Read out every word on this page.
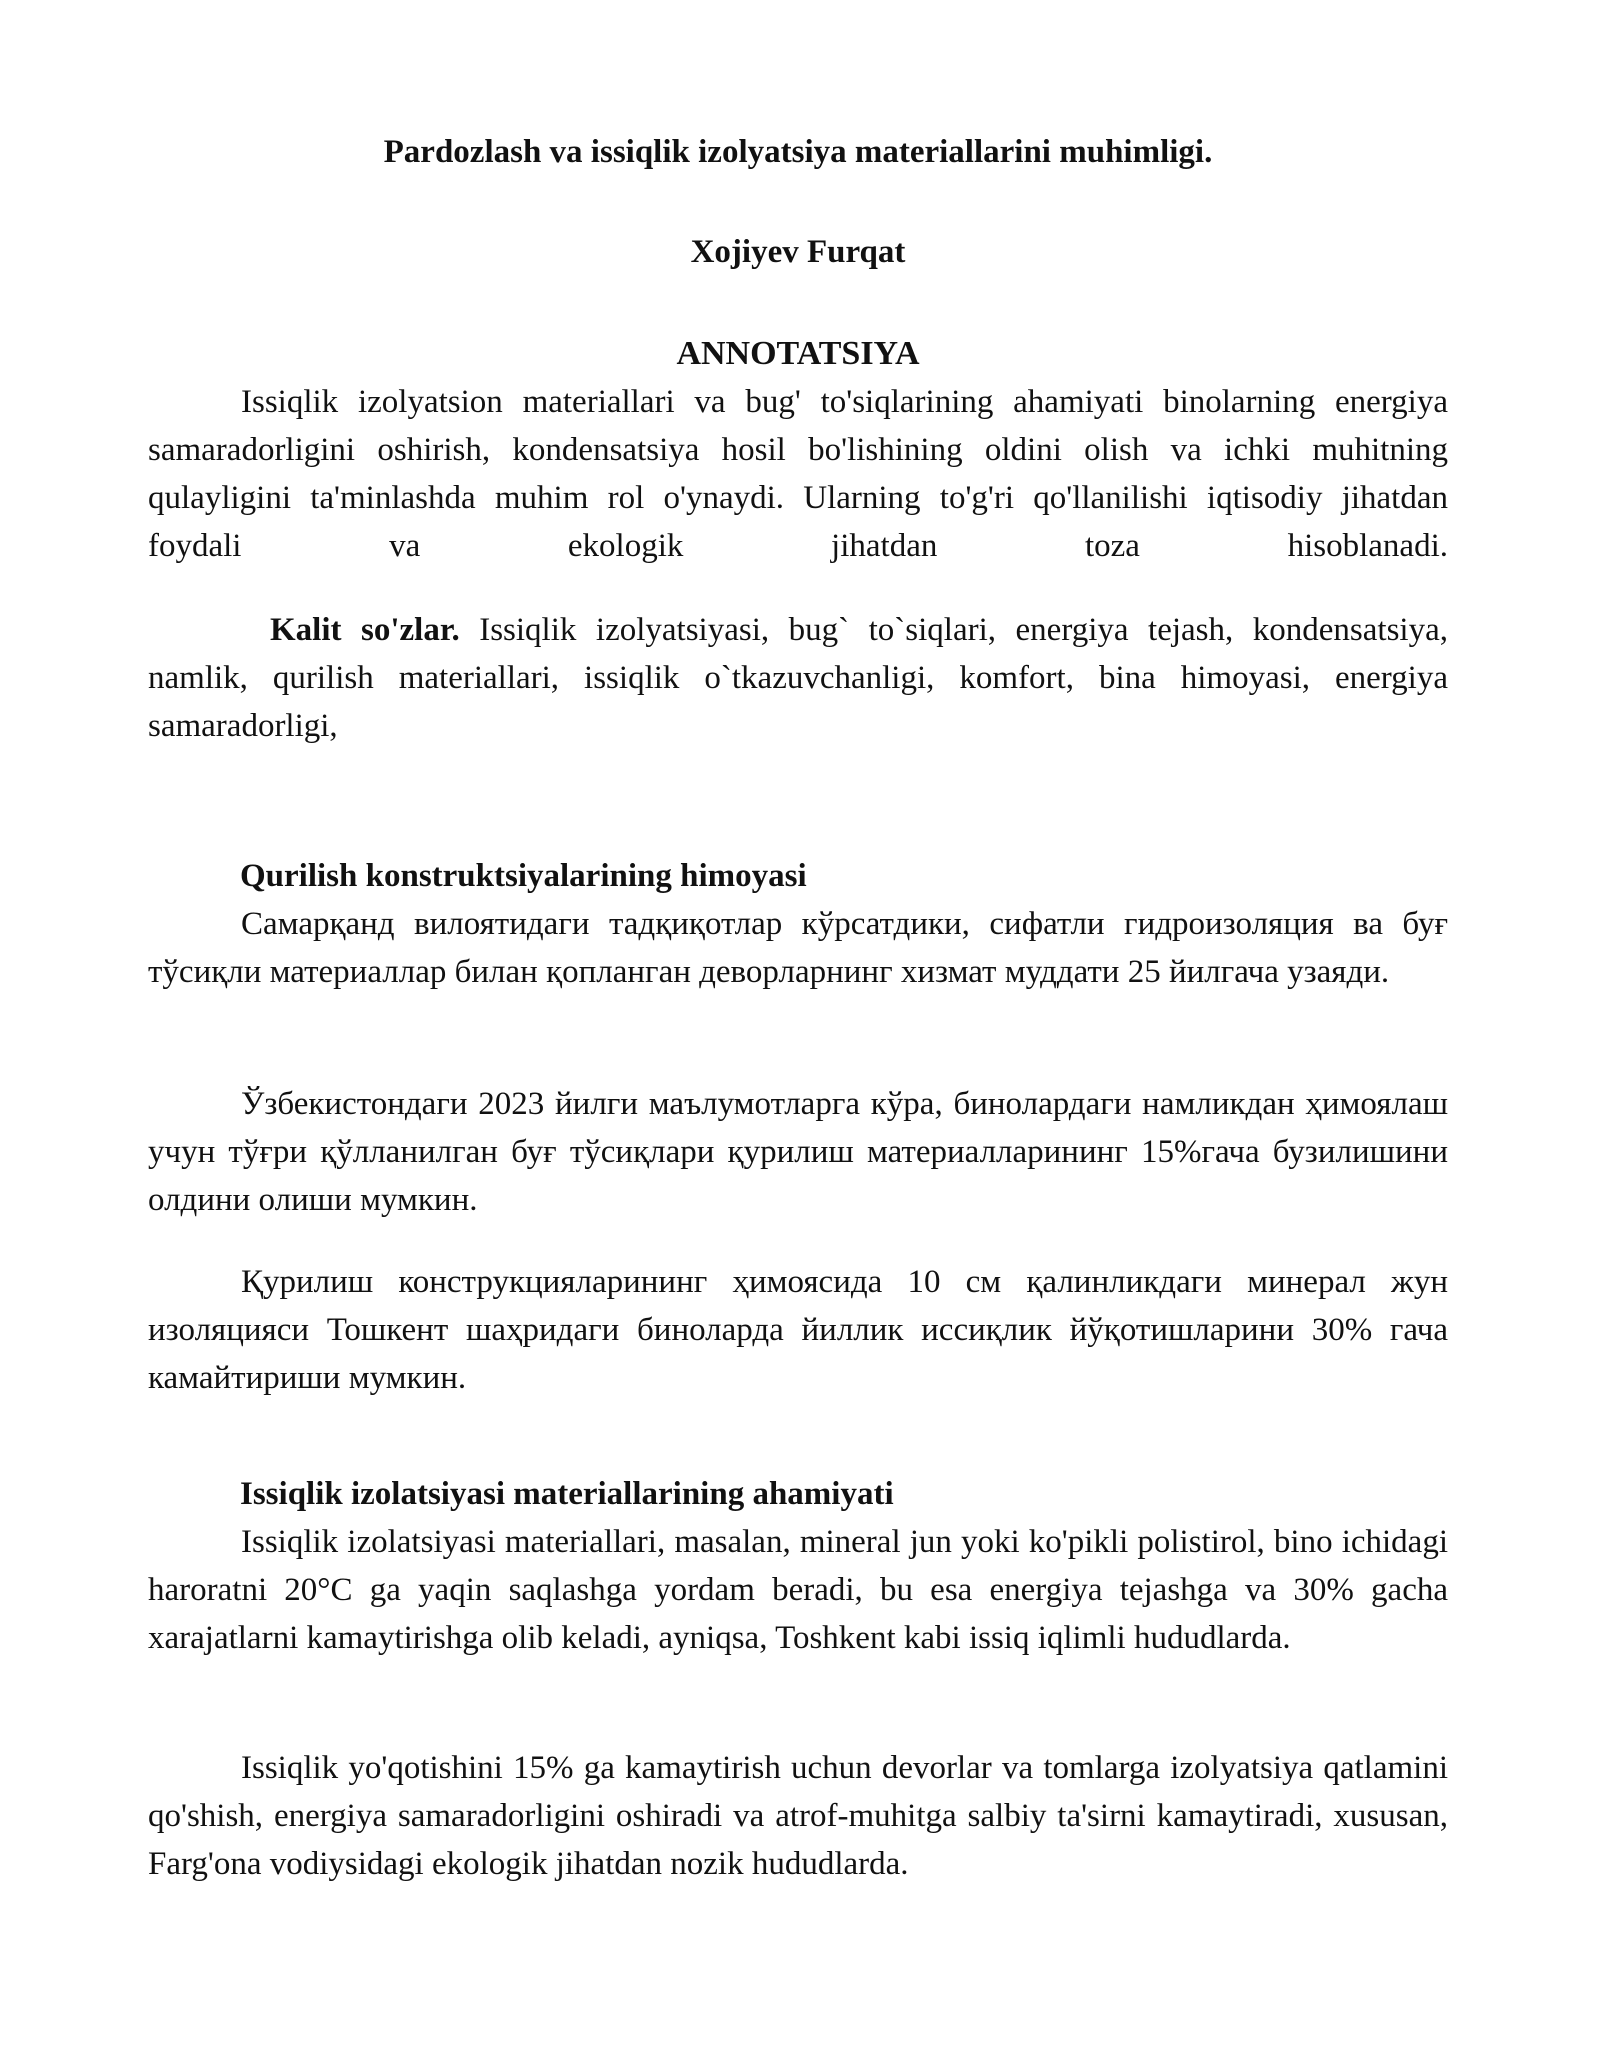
Pardozlash va issiqlik izolyatsiya materiallarini muhimligi.
Xojiyev Furqat
ANNOTATSIYA

Issiqlik izolyatsion materiallari va bug' to'siqlarining ahamiyati binolarning energiya samaradorligini oshirish, kondensatsiya hosil bo'lishining oldini olish va ichki muhitning qulayligini ta'minlashda muhim rol o'ynaydi. Ularning to'g'ri qo'llanilishi iqtisodiy jihatdan foydali va ekologik jihatdan toza hisoblanadi.

Kalit so'zlar. Issiqlik izolyatsiyasi, bug` to`siqlari, energiya tejash, kondensatsiya, namlik, qurilish materiallari, issiqlik o`tkazuvchanligi, komfort, bina himoyasi, energiya samaradorligi,

Qurilish konstruktsiyalarining himoyasi

Самарқанд вилоятидаги тадқиқотлар кўрсатдики, сифатли гидроизоляция ва буғ тўсиқли материаллар билан қопланган деворларнинг хизмат муддати 25 йилгача узаяди.

Ўзбекистондаги 2023 йилги маълумотларга кўра, бинолардаги намликдан ҳимоялаш учун тўғри қўлланилган буғ тўсиқлари қурилиш материалларининг 15%гача бузилишини олдини олиши мумкин.

Қурилиш конструкцияларининг ҳимоясида 10 см қалинликдаги минерал жун изоляцияси Тошкент шаҳридаги биноларда йиллик иссиқлик йўқотишларини 30% гача камайтириши мумкин.

Issiqlik izolatsiyasi materiallarining ahamiyati

Issiqlik izolatsiyasi materiallari, masalan, mineral jun yoki ko'pikli polistirol, bino ichidagi haroratni 20°C ga yaqin saqlashga yordam beradi, bu esa energiya tejashga va 30% gacha xarajatlarni kamaytirishga olib keladi, ayniqsa, Toshkent kabi issiq iqlimli hududlarda.

Issiqlik yo'qotishini 15% ga kamaytirish uchun devorlar va tomlarga izolyatsiya qatlamini qo'shish, energiya samaradorligini oshiradi va atrof-muhitga salbiy ta'sirni kamaytiradi, xususan, Farg'ona vodiysidagi ekologik jihatdan nozik hududlarda.
